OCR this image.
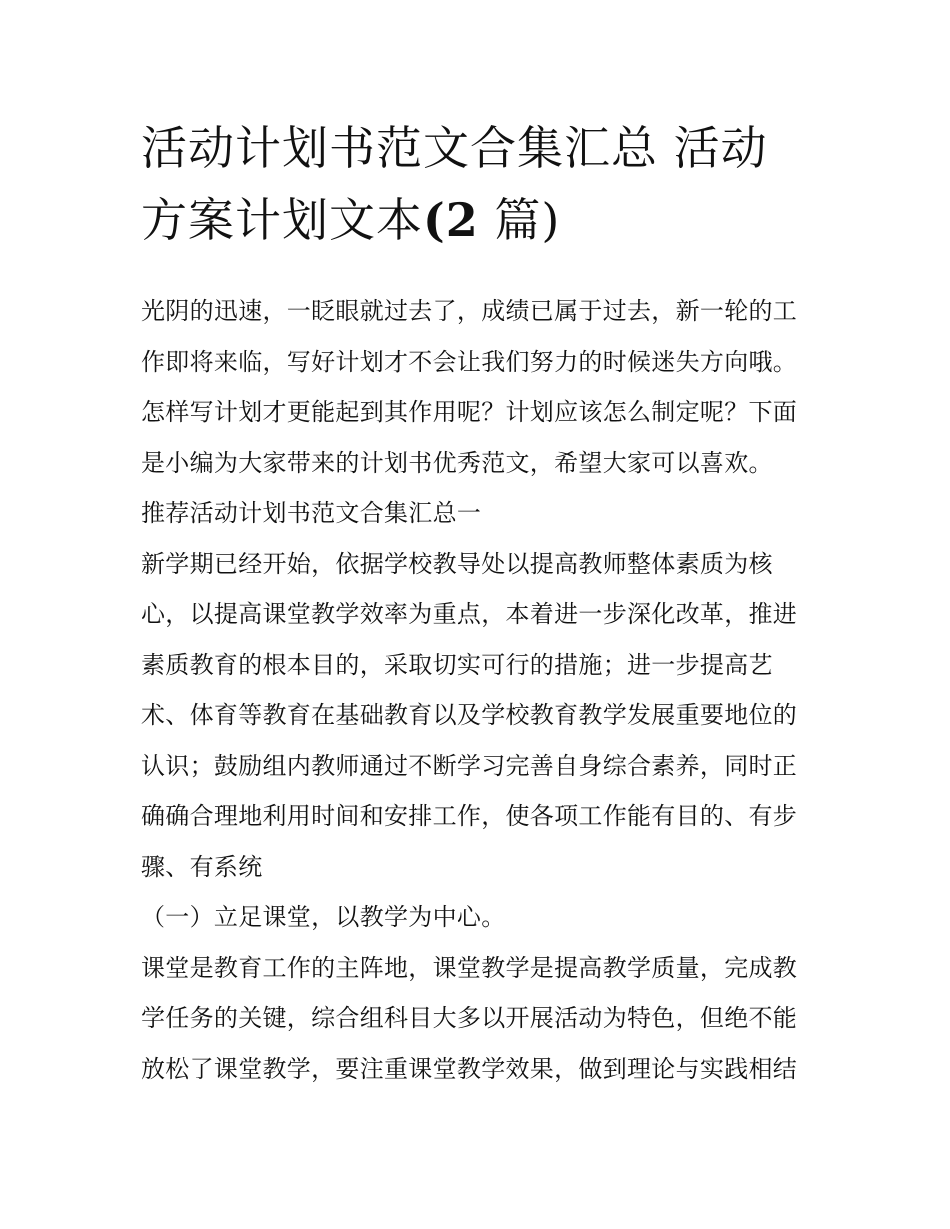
活动计划书范文合集汇总 活动方案计划文本(2 篇)

光阴的迅速，一眨眼就过去了，成绩已属于过去，新一轮的工作即将来临，写好计划才不会让我们努力的时候迷失方向哦。怎样写计划才更能起到其作用呢？计划应该怎么制定呢？下面是小编为大家带来的计划书优秀范文，希望大家可以喜欢。

推荐活动计划书范文合集汇总一

新学期已经开始，依据学校教导处以提高教师整体素质为核心，以提高课堂教学效率为重点，本着进一步深化改革，推进素质教育的根本目的，采取切实可行的措施；进一步提高艺术、体育等教育在基础教育以及学校教育教学发展重要地位的认识；鼓励组内教师通过不断学习完善自身综合素养，同时正确确合理地利用时间和安排工作，使各项工作能有目的、有步骤、有系统

（一）立足课堂，以教学为中心。

课堂是教育工作的主阵地，课堂教学是提高教学质量，完成教学任务的关键，综合组科目大多以开展活动为特色，但绝不能放松了课堂教学，要注重课堂教学效果，做到理论与实践相结
